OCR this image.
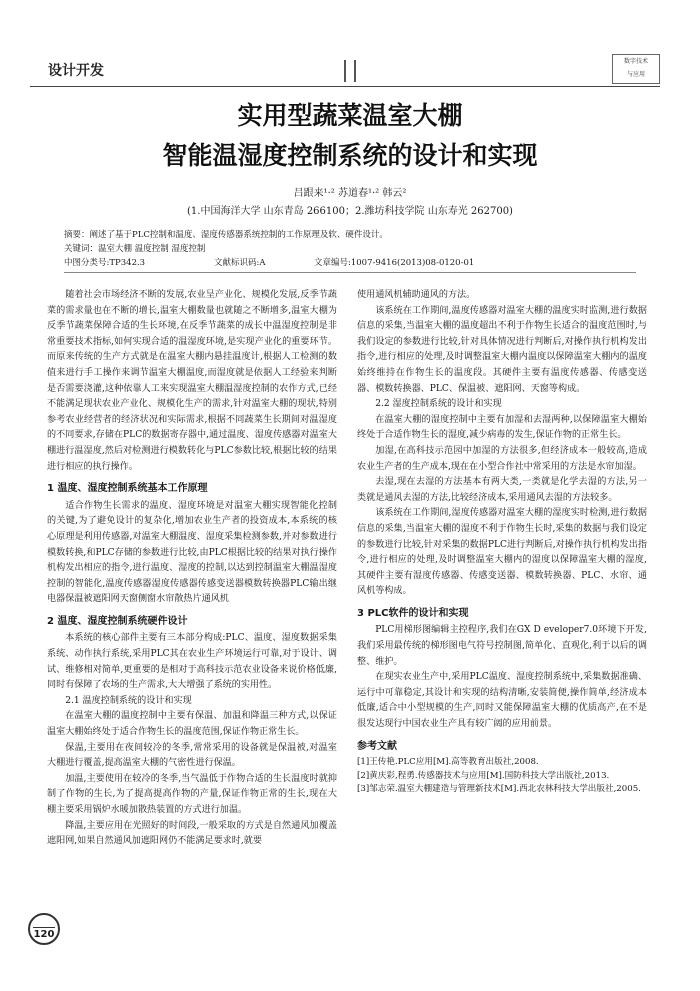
设计开发
数字技术
与应用
实用型蔬菜温室大棚
智能温湿度控制系统的设计和实现
吕跟来¹·² 苏道春¹·² 韩云²
(1.中国海洋大学 山东青岛 266100；2.潍坊科技学院 山东寿光 262700)
摘要：阐述了基于PLC控制和温度、湿度传感器系统控制的工作原理及软、硬件设计。
关键词：温室大棚 温度控制 湿度控制
中图分类号:TP342.3	文献标识码:A	文章编号:1007-9416(2013)08-0120-01

随着社会市场经济不断的发展,农业呈产业化、规模化发展,反季节蔬菜的需求量也在不断的增长,温室大棚数量也就随之不断增多,温室大棚为反季节蔬菜保障合适的生长环境,在反季节蔬菜的成长中温湿度控制是非常重要技术指标,如何实现合适的温湿度环境,是实现产业化的重要环节。而原来传统的生产方式就是在温室大棚内悬挂温度计,根据人工检测的数值来进行手工操作来调节温室大棚温度,而湿度就是依据人工经验来判断是否需要浇灌,这种依靠人工来实现温室大棚温湿度控制的农作方式,已经不能满足现状农业产业化、规模化生产的需求,针对温室大棚的现状,特别参考农业经营者的经济状况和实际需求,根据不同蔬菜生长期间对温湿度的不同要求,存储在PLC的数据寄存器中,通过温度、湿度传感器对温室大棚进行温湿度,然后对检测进行模数转化与PLC参数比较,根据比较的结果进行相应的执行操作。

1 温度、湿度控制系统基本工作原理

适合作物生长需求的温度、湿度环境是对温室大棚实现智能化控制的关键,为了避免设计的复杂化,增加农业生产者的投资成本,本系统的核心原理是利用传感器,对温室大棚温度、湿度采集检测参数,并对参数进行模数转换,和PLC存储的参数进行比较,由PLC根据比较的结果对执行操作机构发出相应的指令,进行温度、湿度的控制,以达到控制温室大棚温湿度控制的智能化,温度传感器湿度传感器传感变送器模数转换器PLC输出继电器保温被遮阳网天窗侧窗水帘散热片通风机

2 温度、湿度控制系统硬件设计

本系统的核心部件主要有三本部分构成:PLC、温度、湿度数据采集系统、动作执行系统,采用PLC其在农业生产环境运行可靠,对于设计、调试、维修相对简单,更重要的是相对于高科技示范农业设备来说价格低廉,同时有保障了农场的生产需求,大大增强了系统的实用性。

2.1 温度控制系统的设计和实现

在温室大棚的温度控制中主要有保温、加温和降温三种方式,以保证温室大棚始终处于适合作物生长的温度范围,保证作物正常生长。

保温,主要用在夜间较冷的冬季,常常采用的设备就是保温被,对温室大棚进行覆盖,提高温室大棚的气密性进行保温。

加温,主要使用在较冷的冬季,当气温低于作物合适的生长温度时就抑制了作物的生长,为了提高提高作物的产量,保证作物正常的生长,现在大棚主要采用锅炉水暖加散热装置的方式进行加温。

降温,主要应用在光照好的时间段,一般采取的方式是自然通风加覆盖遮阳网,如果自然通风加遮阳网仍不能满足要求时,就要

使用通风机辅助通风的方法。

该系统在工作期间,温度传感器对温室大棚的温度实时监测,进行数据信息的采集,当温室大棚的温度超出不利于作物生长适合的温度范围时,与我们设定的参数进行比较,针对具体情况进行判断后,对操作执行机构发出指令,进行相应的处理,及时调整温室大棚内温度以保障温室大棚内的温度始终维持在作物生长的温度段。其硬件主要有温度传感器、传感变送器、模数转换器、PLC、保温被、遮阳网、天窗等构成。

2.2 湿度控制系统的设计和实现

在温室大棚的湿度控制中主要有加湿和去湿两种,以保障温室大棚始终处于合适作物生长的湿度,减少病毒的发生,保证作物的正常生长。

加湿,在高科技示范园中加湿的方法很多,但经济成本一般较高,造成农业生产者的生产成本,现在在小型合作社中常采用的方法是水帘加湿。

去湿,现在去湿的方法基本有两大类,一类就是化学去湿的方法,另一类就是通风去湿的方法,比较经济成本,采用通风去湿的方法较多。

该系统在工作期间,湿度传感器对温室大棚的湿度实时检测,进行数据信息的采集,当温室大棚的湿度不利于作物生长时,采集的数据与我们设定的参数进行比较,针对采集的数据PLC进行判断后,对操作执行机构发出指令,进行相应的处理,及时调整温室大棚内的湿度以保障温室大棚的湿度,其硬件主要有湿度传感器、传感变送器、模数转换器、PLC、水帘、通风机等构成。

3 PLC软件的设计和实现

PLC用梯形图编辑主控程序,我们在GX D eveloper7.0环境下开发,我们采用最传统的梯形图电气符号控制图,简单化、直观化,利于以后的调整、维护。

在现实农业生产中,采用PLC温度、湿度控制系统中,采集数据准确、运行中可靠稳定,其设计和实现的结构清晰,安装简便,操作简单,经济成本低廉,适合中小型规模的生产,同时又能保障温室大棚的优质高产,在不是很发达现行中国农业生产具有较广阔的应用前景。

参考文献

[1]王传艳.PLC应用[M].高等教育出版社,2008.

[2]黄庆彩,程勇.传感器技术与应用[M].国防科技大学出版社,2013.

[3]邹志荣.温室大棚建造与管理新技术[M].西北农林科技大学出版社,2005.

120
